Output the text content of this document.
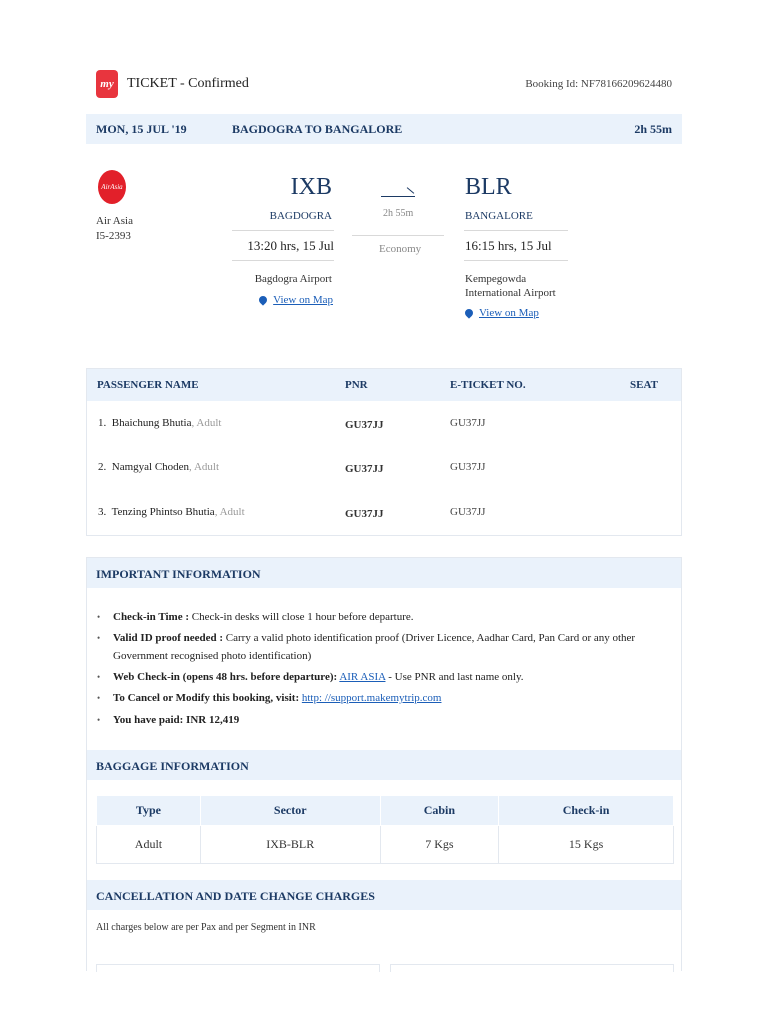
my TICKET - Confirmed	Booking Id: NF78166209624480
MON, 15 JUL '19	BAGDOGRA TO BANGALORE	2h 55m
AirAsia
Air Asia
I5-2393
IXB
BAGDOGRA
13:20 hrs, 15 Jul
Bagdogra Airport
View on Map
2h 55m
Economy
BLR
BANGALORE
16:15 hrs, 15 Jul
Kempegowda
International Airport
View on Map
PASSENGER NAME	PNR	E-TICKET NO.	SEAT
1. Bhaichung Bhutia, Adult	GU37JJ	GU37JJ
2. Namgyal Choden, Adult	GU37JJ	GU37JJ
3. Tenzing Phintso Bhutia, Adult	GU37JJ	GU37JJ
IMPORTANT INFORMATION
• Check-in Time : Check-in desks will close 1 hour before departure.
• Valid ID proof needed : Carry a valid photo identification proof (Driver Licence, Aadhar Card, Pan Card or any other Government recognised photo identification)
• Web Check-in (opens 48 hrs. before departure): AIR ASIA - Use PNR and last name only.
• To Cancel or Modify this booking, visit: http: //support.makemytrip.com
• You have paid: INR 12,419
BAGGAGE INFORMATION
Type	Sector	Cabin	Check-in
Adult	IXB-BLR	7 Kgs	15 Kgs
CANCELLATION AND DATE CHANGE CHARGES
All charges below are per Pax and per Segment in INR
